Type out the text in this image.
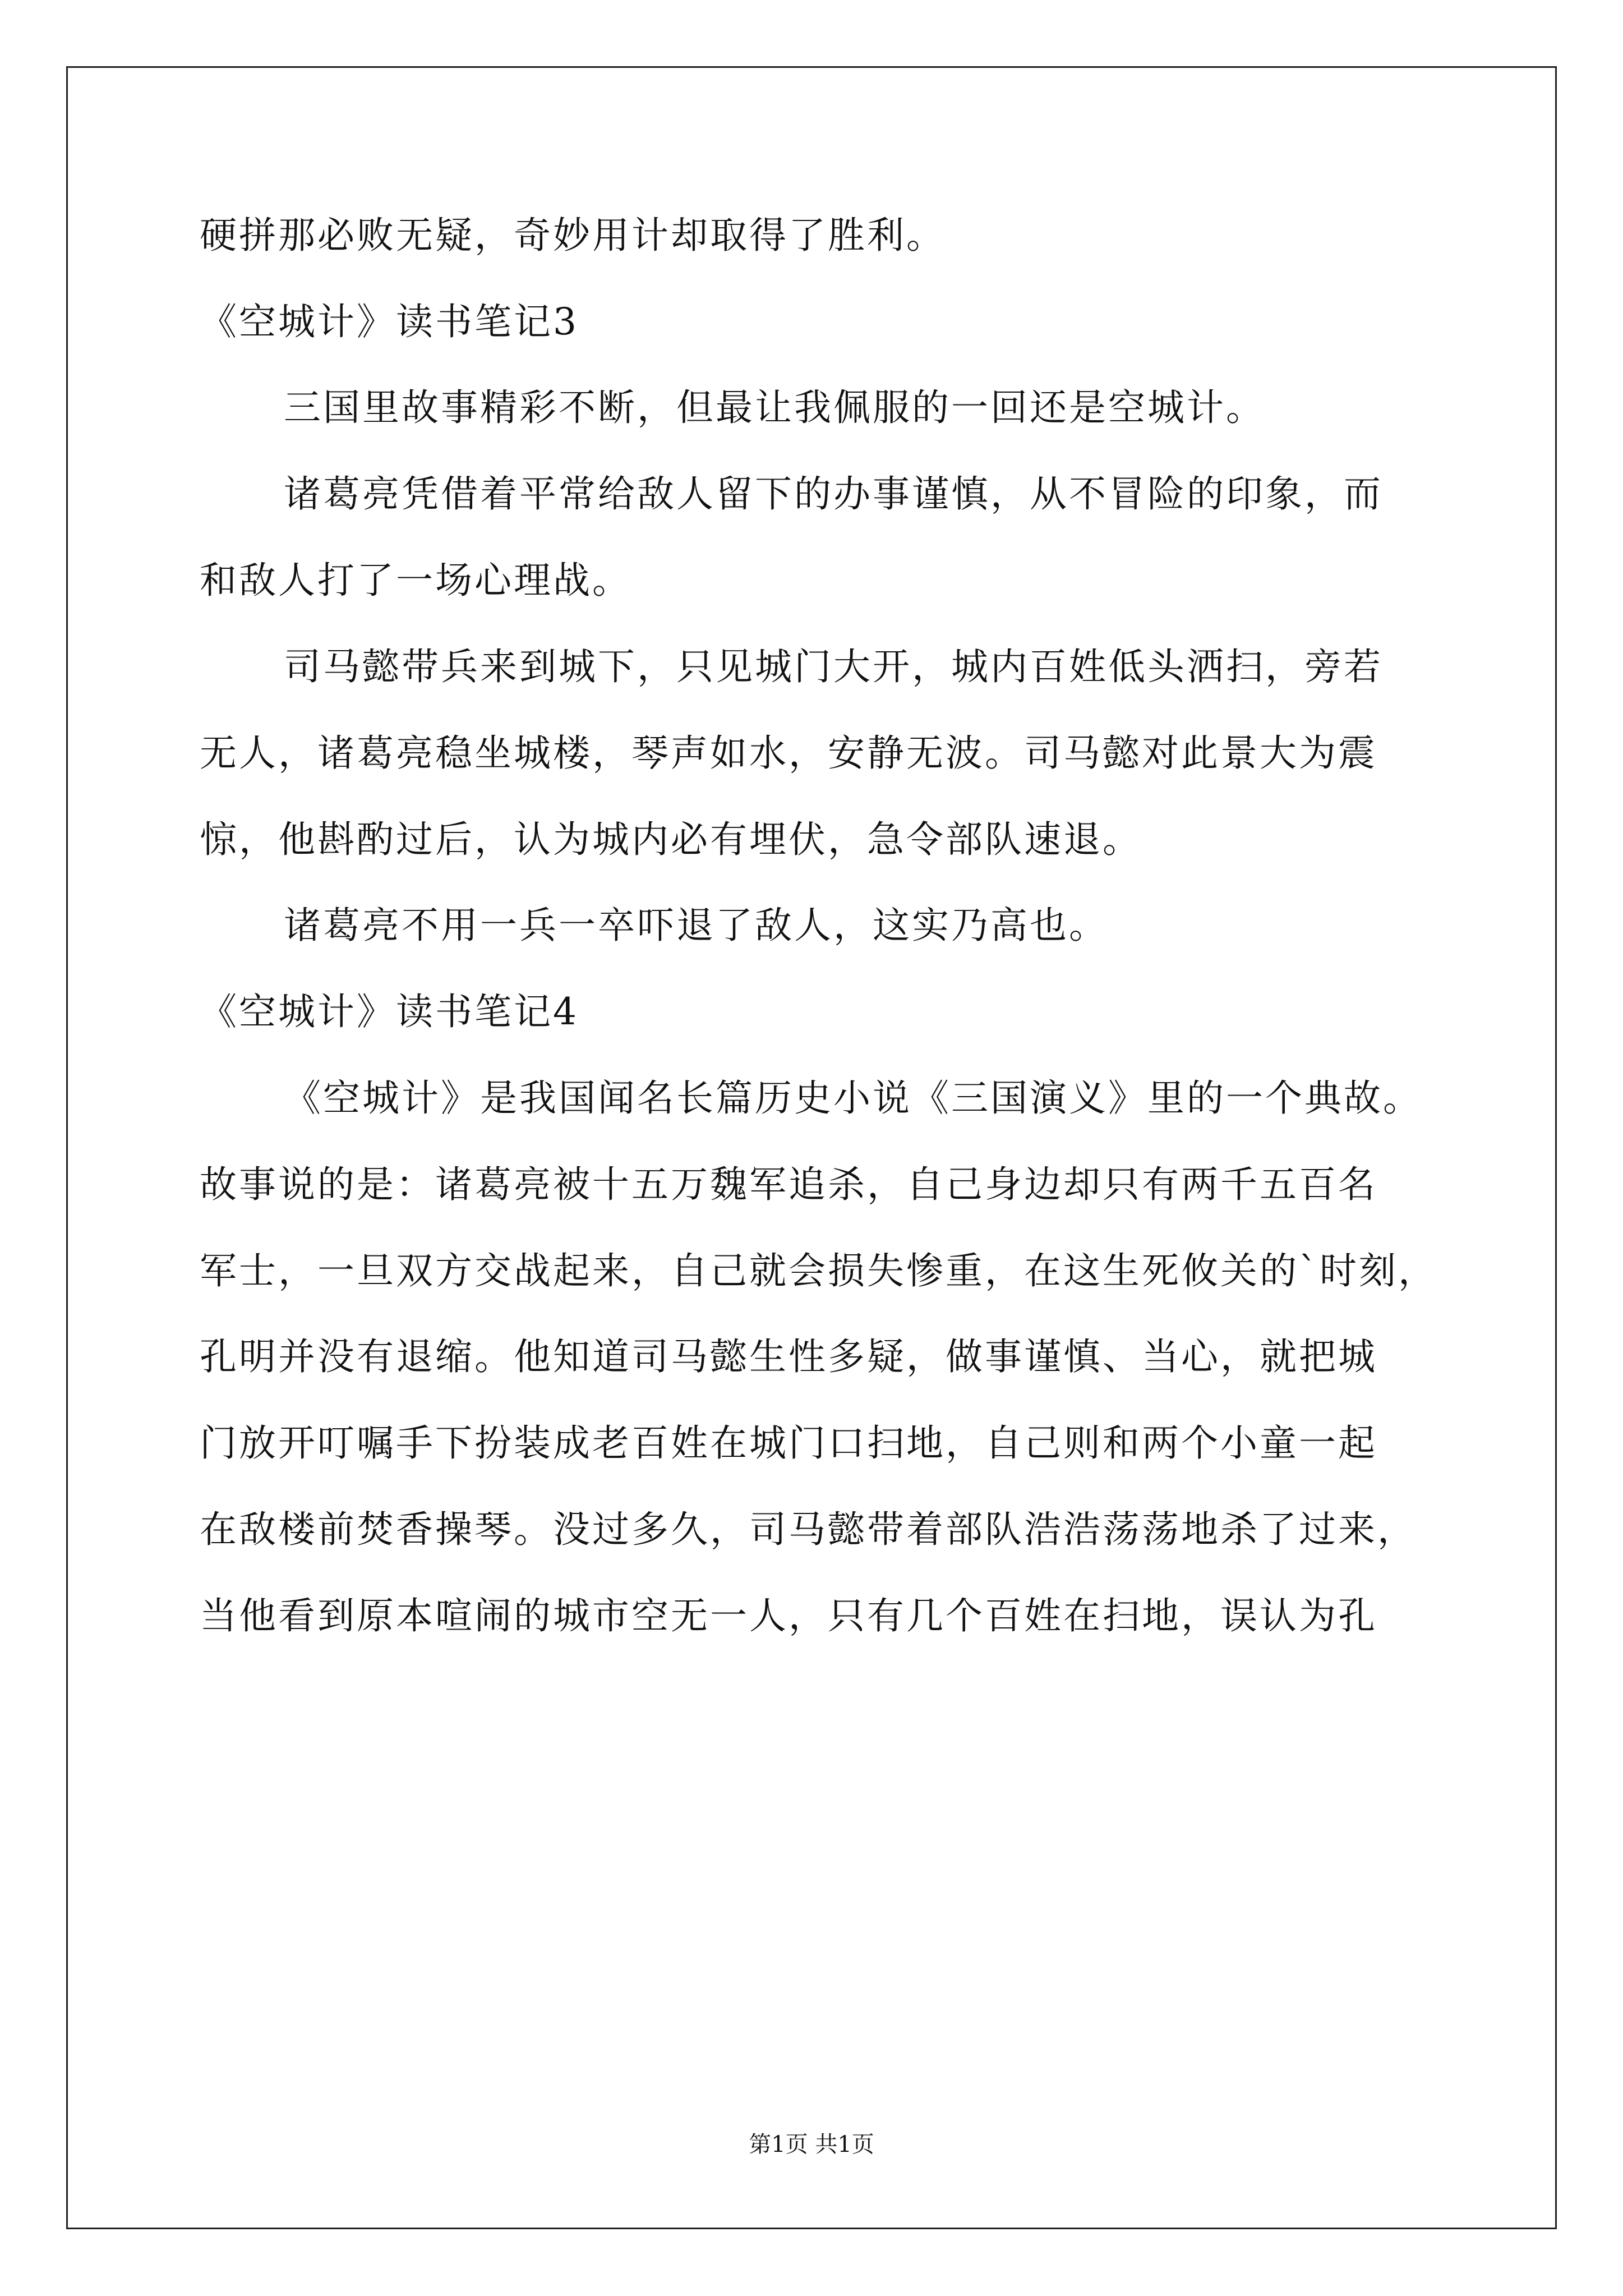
硬拼那必败无疑，奇妙用计却取得了胜利。
《空城计》读书笔记3
三国里故事精彩不断，但最让我佩服的一回还是空城计。
诸葛亮凭借着平常给敌人留下的办事谨慎，从不冒险的印象，而
和敌人打了一场心理战。
司马懿带兵来到城下，只见城门大开，城内百姓低头洒扫，旁若
无人，诸葛亮稳坐城楼，琴声如水，安静无波。司马懿对此景大为震
惊，他斟酌过后，认为城内必有埋伏，急令部队速退。
诸葛亮不用一兵一卒吓退了敌人，这实乃高也。
《空城计》读书笔记4
《空城计》是我国闻名长篇历史小说《三国演义》里的一个典故。
故事说的是：诸葛亮被十五万魏军追杀，自己身边却只有两千五百名
军士，一旦双方交战起来，自己就会损失惨重，在这生死攸关的`时刻，
孔明并没有退缩。他知道司马懿生性多疑，做事谨慎、当心，就把城
门放开叮嘱手下扮装成老百姓在城门口扫地，自己则和两个小童一起
在敌楼前焚香操琴。没过多久，司马懿带着部队浩浩荡荡地杀了过来，
当他看到原本喧闹的城市空无一人，只有几个百姓在扫地，误认为孔
第1页 共1页
